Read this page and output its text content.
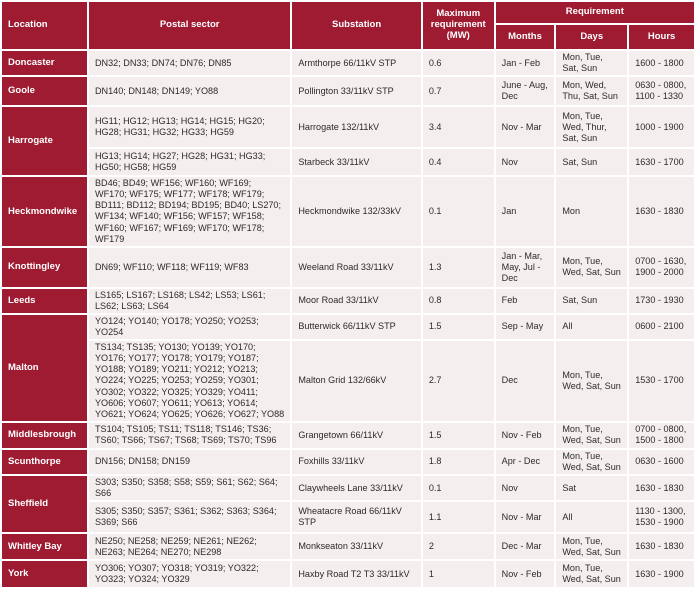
Location	Postal sector	Substation	Maximum requirement (MW)	Requirement		
				Months	Days	Hours
Doncaster	DN32; DN33; DN74; DN76; DN85	Armthorpe 66/11kV STP	0.6	Jan - Feb	Mon, Tue, Sat, Sun	1600 - 1800
Goole	DN140; DN148; DN149; YO88	Pollington 33/11kV STP	0.7	June - Aug, Dec	Mon, Wed, Thu, Sat, Sun	0630 - 0800, 1100 - 1330
Harrogate	HG11; HG12; HG13; HG14; HG15; HG20; HG28; HG31; HG32; HG33; HG59	Harrogate 132/11kV	3.4	Nov - Mar	Mon, Tue, Wed, Thur, Sat, Sun	1000 - 1900
	HG13; HG14; HG27; HG28; HG31; HG33; HG50; HG58; HG59	Starbeck 33/11kV	0.4	Nov	Sat, Sun	1630 - 1700
Heckmondwike	BD46; BD49; WF156; WF160; WF169; WF170; WF175; WF177; WF178; WF179; BD111; BD112; BD194; BD195; BD40; LS270; WF134; WF140; WF156; WF157; WF158; WF160; WF167; WF169; WF170; WF178; WF179	Heckmondwike 132/33kV	0.1	Jan	Mon	1630 - 1830
Knottingley	DN69; WF110; WF118; WF119; WF83	Weeland Road 33/11kV	1.3	Jan - Mar, May, Jul - Dec	Mon, Tue, Wed, Sat, Sun	0700 - 1630, 1900 - 2000
Leeds	LS165; LS167; LS168; LS42; LS53; LS61; LS62; LS63; LS64	Moor Road 33/11kV	0.8	Feb	Sat, Sun	1730 - 1930
Malton	YO124; YO140; YO178; YO250; YO253; YO254	Butterwick 66/11kV STP	1.5	Sep - May	All	0600 - 2100
	TS134; TS135; YO130; YO139; YO170; YO176; YO177; YO178; YO179; YO187; YO188; YO189; YO211; YO212; YO213; YO224; YO225; YO253; YO259; YO301; YO302; YO322; YO325; YO329; YO411; YO606; YO607; YO611; YO613; YO614; YO621; YO624; YO625; YO626; YO627; YO88	Malton Grid 132/66kV	2.7	Dec	Mon, Tue, Wed, Sat, Sun	1530 - 1700
Middlesbrough	TS104; TS105; TS11; TS118; TS146; TS36; TS60; TS66; TS67; TS68; TS69; TS70; TS96	Grangetown 66/11kV	1.5	Nov - Feb	Mon, Tue, Wed, Sat, Sun	0700 - 0800, 1500 - 1800
Scunthorpe	DN156; DN158; DN159	Foxhills 33/11kV	1.8	Apr - Dec	Mon, Tue, Wed, Sat, Sun	0630 - 1600
Sheffield	S303; S350; S358; S58; S59; S61; S62; S64; S66	Claywheels Lane 33/11kV	0.1	Nov	Sat	1630 - 1830
	S305; S350; S357; S361; S362; S363; S364; S369; S66	Wheatacre Road 66/11kV STP	1.1	Nov - Mar	All	1130 - 1300, 1530 - 1900
Whitley Bay	NE250; NE258; NE259; NE261; NE262; NE263; NE264; NE270; NE298	Monkseaton 33/11kV	2	Dec - Mar	Mon, Tue, Wed, Sat, Sun	1630 - 1830
York	YO306; YO307; YO318; YO319; YO322; YO323; YO324; YO329	Haxby Road T2 T3 33/11kV	1	Nov - Feb	Mon, Tue, Wed, Sat, Sun	1630 - 1900
